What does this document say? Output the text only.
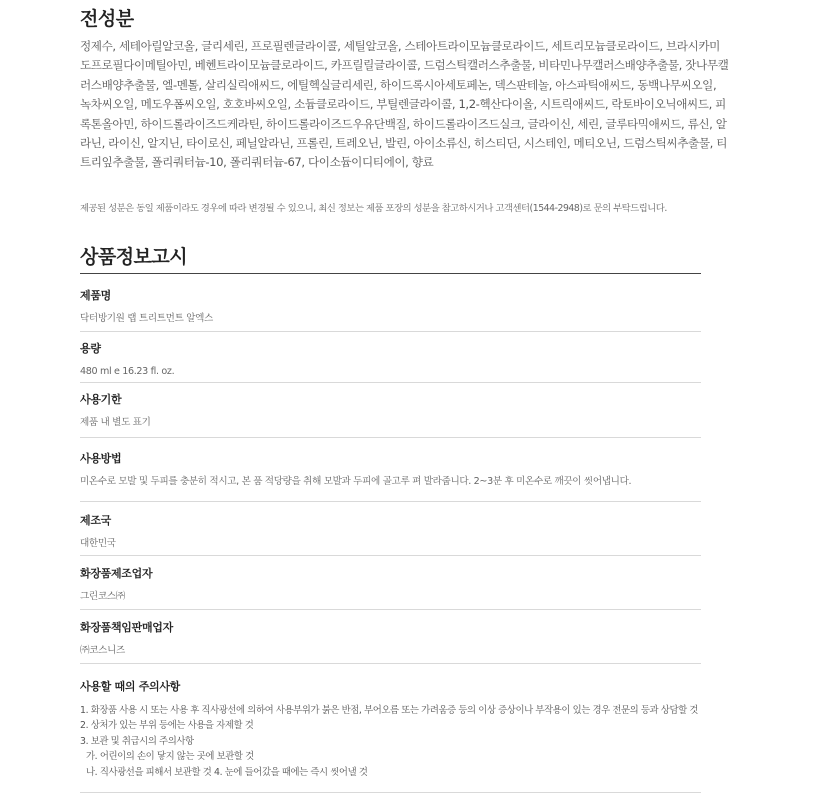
전성분

정제수, 세테아릴알코올, 글리세린, 프로필렌글라이콜, 세틸알코올, 스테아트라이모늄클로라이드, 세트리모늄클로라이드, 브라시카미도프로필다이메틸아민, 베헨트라이모늄클로라이드, 카프릴릴글라이콜, 드럼스틱캘러스추출물, 비타민나무캘러스배양추출물, 잣나무캘러스배양추출물, 엘-멘톨, 살리실릭애씨드, 에틸헥실글리세린, 하이드록시아세토페논, 덱스판테놀, 아스파틱애씨드, 동백나무씨오일, 녹차씨오일, 메도우폼씨오일, 호호바씨오일, 소듐클로라이드, 부틸렌글라이콜, 1,2-헥산다이올, 시트릭애씨드, 락토바이오닉애씨드, 피록톤올아민, 하이드롤라이즈드케라틴, 하이드롤라이즈드우유단백질, 하이드롤라이즈드실크, 글라이신, 세린, 글루타믹애씨드, 류신, 알라닌, 라이신, 알지닌, 타이로신, 페닐알라닌, 프롤린, 트레오닌, 발린, 아이소류신, 히스티딘, 시스테인, 메티오닌, 드럼스틱씨추출물, 티트리잎추출물, 폴리쿼터늄-10, 폴리쿼터늄-67, 다이소듐이디티에이, 향료

제공된 성분은 동일 제품이라도 경우에 따라 변경될 수 있으니, 최신 정보는 제품 포장의 성분을 참고하시거나 고객센터(1544-2948)로 문의 부탁드립니다.

상품정보고시

제품명

닥터방기원 랩 트리트먼트 알엑스

용량

480 ml e 16.23 fl. oz.

사용기한

제품 내 별도 표기

사용방법

미온수로 모발 및 두피를 충분히 적시고, 본 품 적당량을 취해 모발과 두피에 골고루 펴 발라줍니다. 2~3분 후 미온수로 깨끗이 씻어냅니다.

제조국

대한민국

화장품제조업자

그린코스㈜

화장품책임판매업자

㈜코스니즈

사용할 때의 주의사항

1. 화장품 사용 시 또는 사용 후 직사광선에 의하여 사용부위가 붉은 반점, 부어오름 또는 가려움증 등의 이상 증상이나 부작용이 있는 경우 전문의 등과 상담할 것
2. 상처가 있는 부위 등에는 사용을 자제할 것
3. 보관 및 취급시의 주의사항
가. 어린이의 손이 닿지 않는 곳에 보관할 것
나. 직사광선을 피해서 보관할 것 4. 눈에 들어갔을 때에는 즉시 씻어낼 것
